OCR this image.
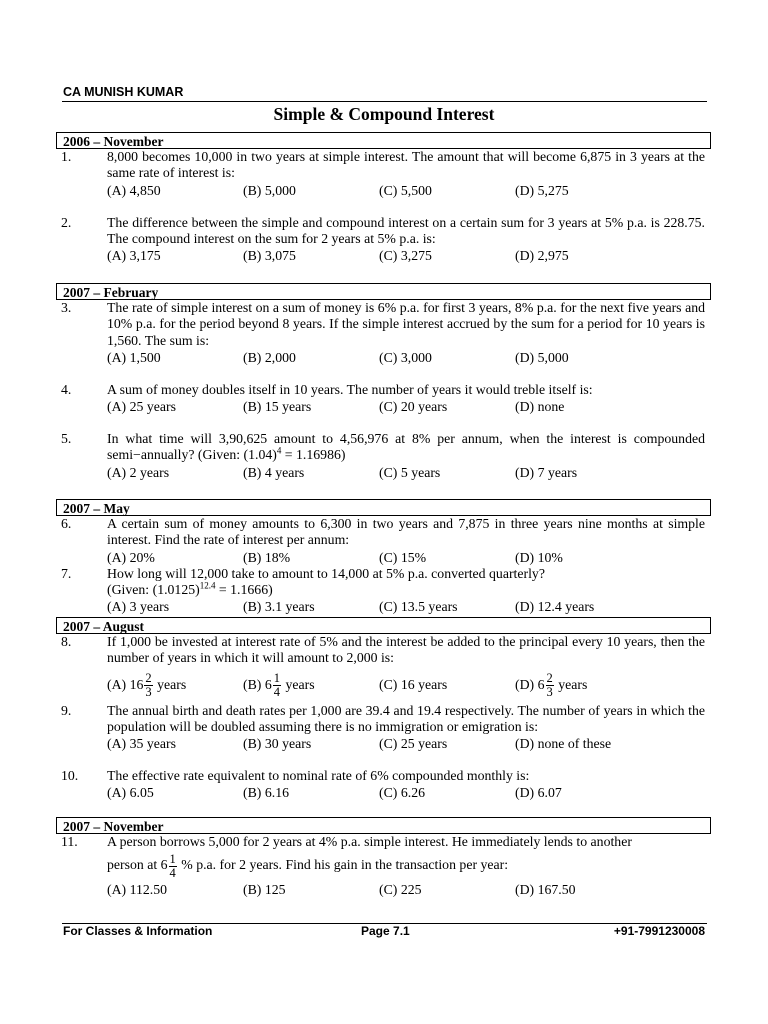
CA MUNISH KUMAR
Simple & Compound Interest
2006 – November
1.	8,000 becomes 10,000 in two years at simple interest. The amount that will become 6,875 in 3 years at the same rate of interest is:
(A) 4,850	(B) 5,000	(C) 5,500	(D) 5,275
2.	The difference between the simple and compound interest on a certain sum for 3 years at 5% p.a. is 228.75. The compound interest on the sum for 2 years at 5% p.a. is:
(A) 3,175	(B) 3,075	(C) 3,275	(D) 2,975
2007 – February
3.	The rate of simple interest on a sum of money is 6% p.a. for first 3 years, 8% p.a. for the next five years and 10% p.a. for the period beyond 8 years. If the simple interest accrued by the sum for a period for 10 years is 1,560. The sum is:
(A) 1,500	(B) 2,000	(C) 3,000	(D) 5,000
4.	A sum of money doubles itself in 10 years. The number of years it would treble itself is:
(A) 25 years	(B) 15 years	(C) 20 years	(D) none
5.	In what time will 3,90,625 amount to 4,56,976 at 8% per annum, when the interest is compounded semi−annually? (Given: $(1.04)^4 = 1.16986$)
(A) 2 years	(B) 4 years	(C) 5 years	(D) 7 years
2007 – May
6.	A certain sum of money amounts to 6,300 in two years and 7,875 in three years nine months at simple interest. Find the rate of interest per annum:
(A) 20%	(B) 18%	(C) 15%	(D) 10%
7.	How long will 12,000 take to amount to 14,000 at 5% p.a. converted quarterly?
(Given: $(1.0125)^{12.4} = 1.1666$)
(A) 3 years	(B) 3.1 years	(C) 13.5 years	(D) 12.4 years
2007 – August
8.	If 1,000 be invested at interest rate of 5% and the interest be added to the principal every 10 years, then the number of years in which it will amount to 2,000 is:
(A) $16 \frac{2}{3}$ years	(B) $6 \frac{1}{4}$ years	(C) 16 years	(D) $6 \frac{2}{3}$ years
9.	The annual birth and death rates per 1,000 are 39.4 and 19.4 respectively. The number of years in which the population will be doubled assuming there is no immigration or emigration is:
(A) 35 years	(B) 30 years	(C) 25 years	(D) none of these
10. The effective rate equivalent to nominal rate of 6% compounded monthly is:
(A) 6.05	(B) 6.16	(C) 6.26	(D) 6.07
2007 – November
11. A person borrows 5,000 for 2 years at 4% p.a. simple interest. He immediately lends to another
person at $6 \frac{1}{4}$ % p.a. for 2 years. Find his gain in the transaction per year:
(A) 112.50	(B) 125	(C) 225	(D) 167.50
For Classes & Information	Page 7.1	+91-7991230008
